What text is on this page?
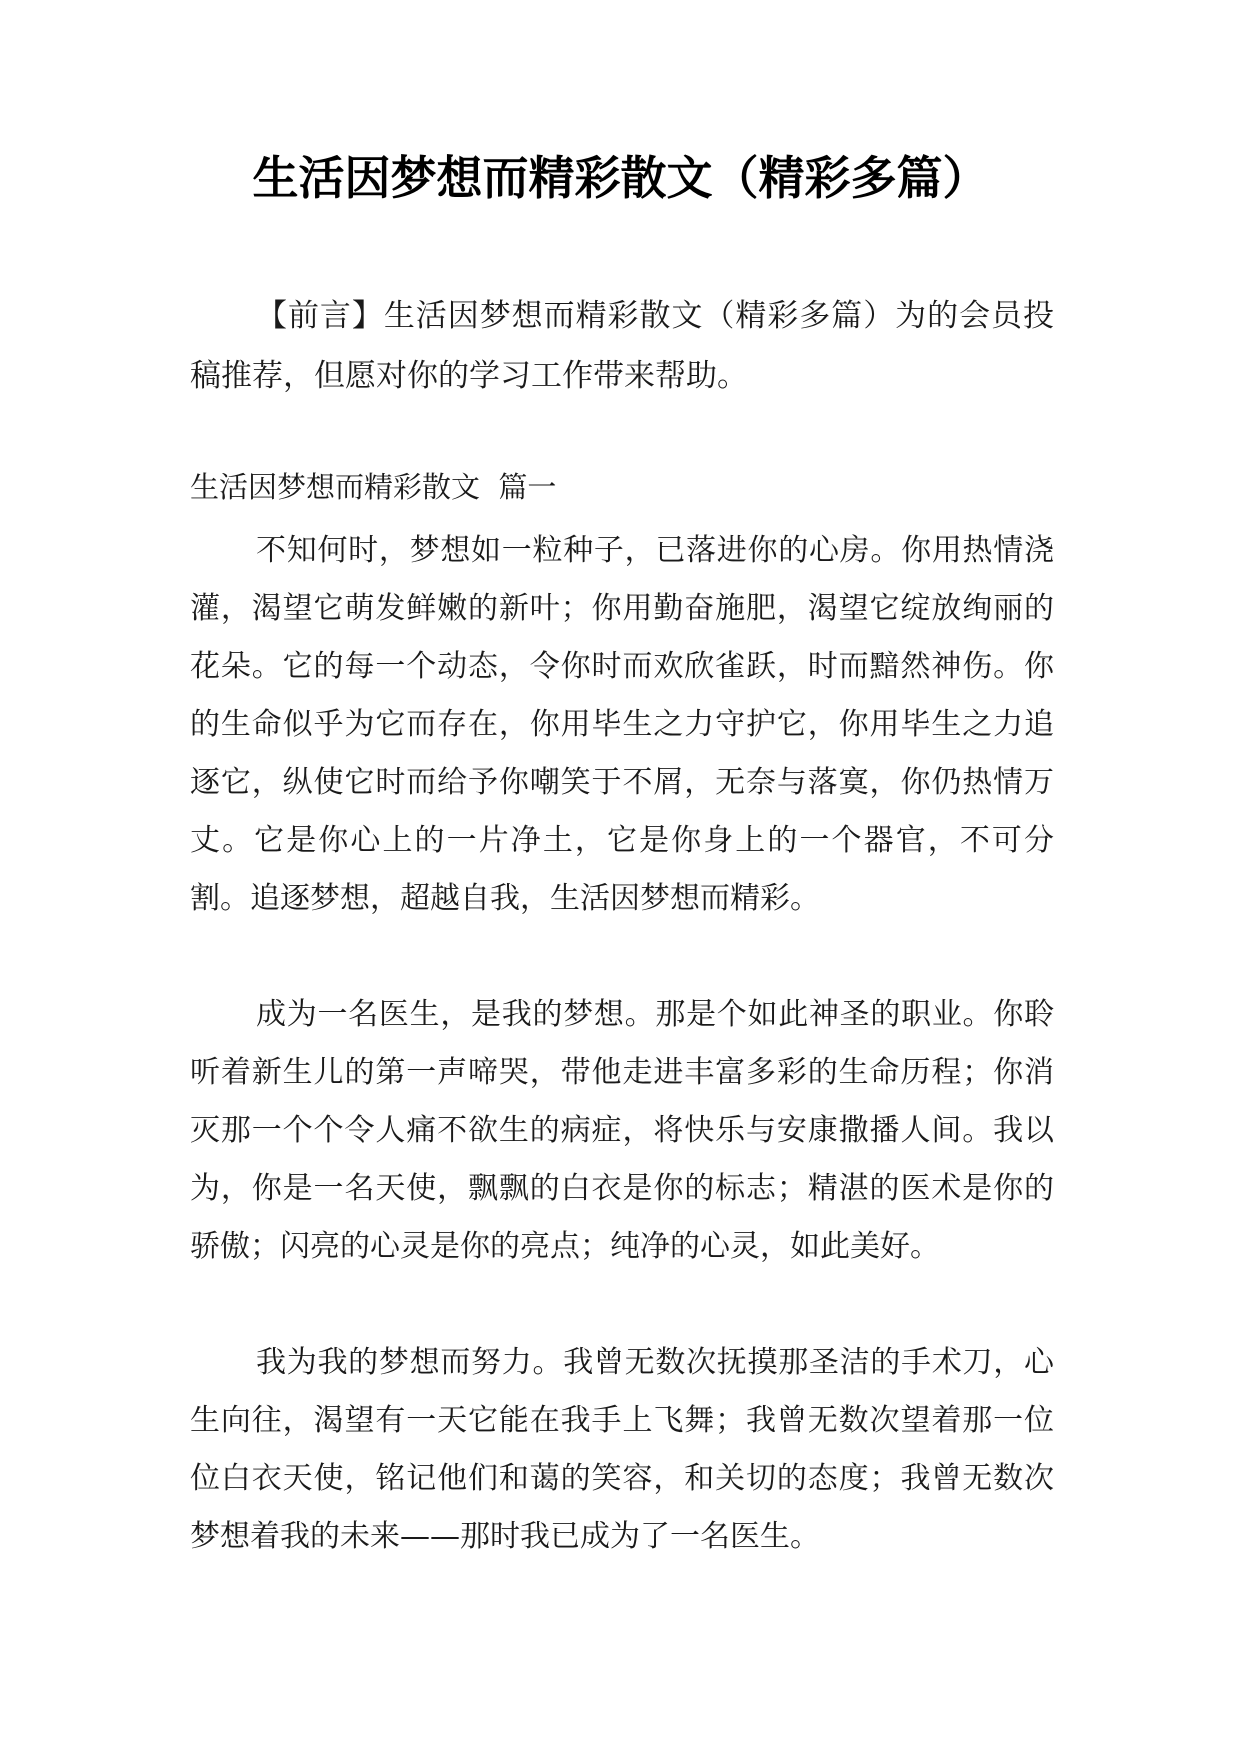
生活因梦想而精彩散文（精彩多篇）

【前言】生活因梦想而精彩散文（精彩多篇）为的会员投稿推荐，但愿对你的学习工作带来帮助。

生活因梦想而精彩散文  篇一

不知何时，梦想如一粒种子，已落进你的心房。你用热情浇灌，渴望它萌发鲜嫩的新叶；你用勤奋施肥，渴望它绽放绚丽的花朵。它的每一个动态，令你时而欢欣雀跃，时而黯然神伤。你的生命似乎为它而存在，你用毕生之力守护它，你用毕生之力追逐它，纵使它时而给予你嘲笑于不屑，无奈与落寞，你仍热情万丈。它是你心上的一片净土，它是你身上的一个器官，不可分割。追逐梦想，超越自我，生活因梦想而精彩。

成为一名医生，是我的梦想。那是个如此神圣的职业。你聆听着新生儿的第一声啼哭，带他走进丰富多彩的生命历程；你消灭那一个个令人痛不欲生的病症，将快乐与安康撒播人间。我以为，你是一名天使，飘飘的白衣是你的标志；精湛的医术是你的骄傲；闪亮的心灵是你的亮点；纯净的心灵，如此美好。

我为我的梦想而努力。我曾无数次抚摸那圣洁的手术刀，心生向往，渴望有一天它能在我手上飞舞；我曾无数次望着那一位位白衣天使，铭记他们和蔼的笑容，和关切的态度；我曾无数次梦想着我的未来——那时我已成为了一名医生。
